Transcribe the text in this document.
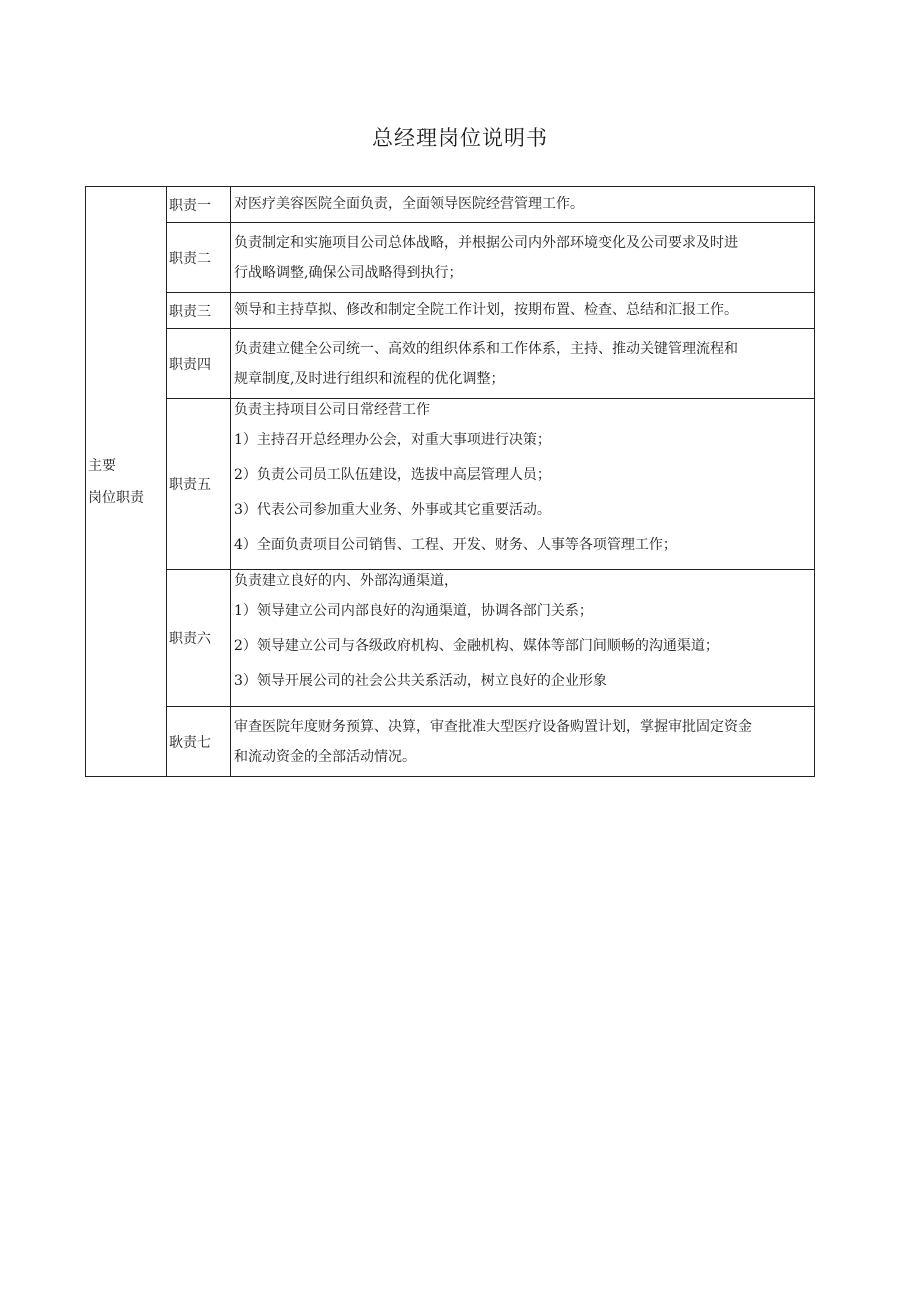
总经理岗位说明书
主要
岗位职责	职责一	对医疗美容医院全面负责，全面领导医院经营管理工作。

	职责二	负责制定和实施项目公司总体战略，并根据公司内外部环境变化及公司要求及时进
行战略调整,确保公司战略得到执行；

	职责三	领导和主持草拟、修改和制定全院工作计划，按期布置、检查、总结和汇报工作。

	职责四	负责建立健全公司统一、高效的组织体系和工作体系，主持、推动关键管理流程和
规章制度,及时进行组织和流程的优化调整；

	职责五	负责主持项目公司日常经营工作
1）主持召开总经理办公会，对重大事项进行决策；
2）负责公司员工队伍建设，选拔中高层管理人员；
3）代表公司参加重大业务、外事或其它重要活动。
4）全面负责项目公司销售、工程、开发、财务、人事等各项管理工作；

	职责六	负责建立良好的内、外部沟通渠道，
1）领导建立公司内部良好的沟通渠道，协调各部门关系；
2）领导建立公司与各级政府机构、金融机构、媒体等部门间顺畅的沟通渠道；
3）领导开展公司的社会公共关系活动，树立良好的企业形象

	耿责七	审查医院年度财务预算、决算，审查批准大型医疗设备购置计划，掌握审批固定资金
和流动资金的全部活动情况。
